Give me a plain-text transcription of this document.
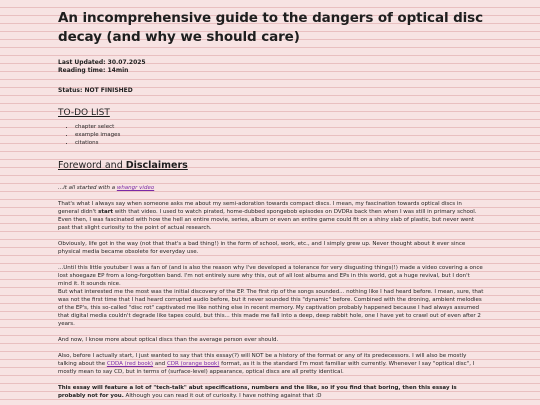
An incomprehensive guide to the dangers of optical disc decay (and why we should care)
Last Updated: 30.07.2025
Reading time: 14min
Status: NOT FINISHED
TO-DO LIST
• chapter select
• example images
• citations
Foreword and Disclaimers

...it all started with a whangr video

That's what I always say when someone asks me about my semi-adoration towards compact discs. I mean, my fascination towards optical discs in general didn't start with that video. I used to watch pirated, home-dubbed spongebob episodes on DVDRs back then when I was still in primary school. Even then, I was fascinated with how the hell an entire movie, series, album or even an entire game could fit on a shiny slab of plastic, but never went past that slight curiosity to the point of actual research.

Obviously, life got in the way (not that that's a bad thing!) in the form of school, work, etc., and I simply grew up. Never thought about it ever since physical media became obsolete for everyday use.

...Until this little youtuber I was a fan of (and is also the reason why I've developed a tolerance for very disgusting things(!) made a video covering a once lost shoegaze EP from a long-forgotten band. I'm not entirely sure why this, out of all lost albums and EPs in this world, got a huge revival, but I don't mind it. It sounds nice.

But what interested me the most was the initial discovery of the EP. The first rip of the songs sounded... nothing like I had heard before. I mean, sure, that was not the first time that I had heard corrupted audio before, but it never sounded this "dynamic" before. Combined with the droning, ambient melodies of the EP's, this so-called "disc rot" captivated me like nothing else in recent memory. My captivation probably happened because I had always assumed that digital media couldn't degrade like tapes could, but this... this made me fall into a deep, deep rabbit hole, one I have yet to crawl out of even after 2 years.

And now, I know more about optical discs than the average person ever should.

Also, before I actually start, I just wanted to say that this essay(?) will NOT be a history of the format or any of its predecessors. I will also be mostly talking about the CDDA (red book) and CDR (orange book) format, as it is the standard I'm most familiar with currently. Whenever I say "optical disc", I mostly mean to say CD, but in terms of (surface-level) appearance, optical discs are all pretty identical.

This essay will feature a lot of "tech-talk" abut specifications, numbers and the like, so if you find that boring, then this essay is probably not for you. Although you can read it out of curiosity. I have nothing against that :D
